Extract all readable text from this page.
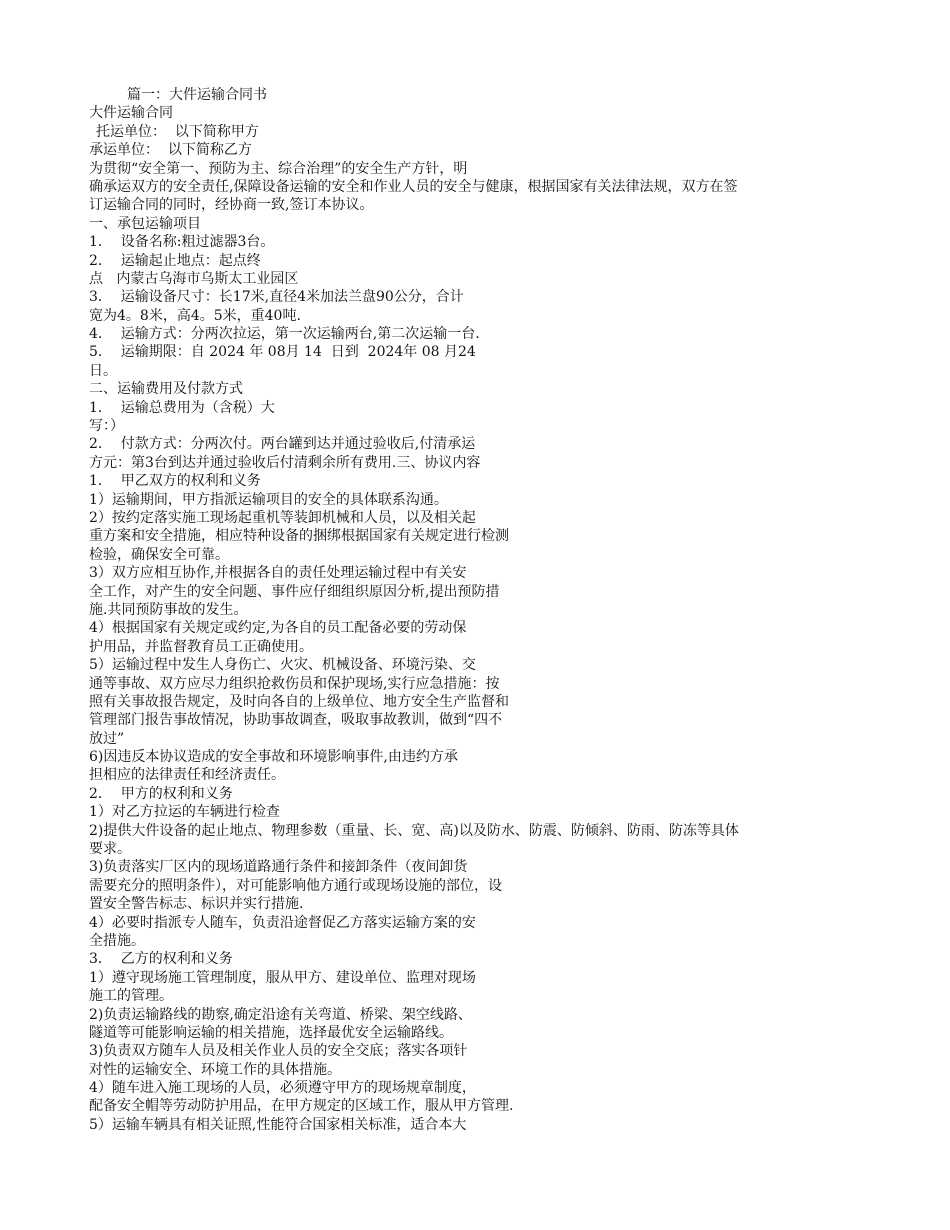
篇一：大件运输合同书
大件运输合同
托运单位：  以下简称甲方
承运单位：  以下简称乙方
为贯彻“安全第一、预防为主、综合治理”的安全生产方针，明
确承运双方的安全责任,保障设备运输的安全和作业人员的安全与健康，根据国家有关法律法规，双方在签
订运输合同的同时，经协商一致,签订本协议。
一、承包运输项目
1．  设备名称:粗过滤器3台。
2．  运输起止地点：起点终
点   内蒙古乌海市乌斯太工业园区
3．  运输设备尺寸：长17米,直径4米加法兰盘90公分，合计
宽为4。8米，高4。5米，重40吨.
4．  运输方式：分两次拉运，第一次运输两台,第二次运输一台.
5．  运输期限：自 2024 年 08月 14  日到  2024年 08 月24
日。
二、运输费用及付款方式
1．  运输总费用为（含税）大
写：）
2．  付款方式：分两次付。两台罐到达并通过验收后,付清承运
方元：第3台到达并通过验收后付清剩余所有费用.三、协议内容
1．  甲乙双方的权利和义务
1）运输期间，甲方指派运输项目的安全的具体联系沟通。
2）按约定落实施工现场起重机等装卸机械和人员，以及相关起
重方案和安全措施，相应特种设备的捆绑根据国家有关规定进行检测
检验，确保安全可靠。
3）双方应相互协作,并根据各自的责任处理运输过程中有关安
全工作，对产生的安全问题、事件应仔细组织原因分析,提出预防措
施.共同预防事故的发生。
4）根据国家有关规定或约定,为各自的员工配备必要的劳动保
护用品，并监督教育员工正确使用。
5）运输过程中发生人身伤亡、火灾、机械设备、环境污染、交
通等事故、双方应尽力组织抢救伤员和保护现场,实行应急措施：按
照有关事故报告规定，及时向各自的上级单位、地方安全生产监督和
管理部门报告事故情况，协助事故调查，吸取事故教训，做到“四不
放过”
6)因违反本协议造成的安全事故和环境影响事件,由违约方承
担相应的法律责任和经济责任。
2．  甲方的权利和义务
1）对乙方拉运的车辆进行检查
2)提供大件设备的起止地点、物理参数（重量、长、宽、高)以及防水、防震、防倾斜、防雨、防冻等具体
要求。
3)负责落实厂区内的现场道路通行条件和接卸条件（夜间卸货
需要充分的照明条件），对可能影响他方通行或现场设施的部位，设
置安全警告标志、标识并实行措施.
4）必要时指派专人随车，负责沿途督促乙方落实运输方案的安
全措施。
3．  乙方的权利和义务
1）遵守现场施工管理制度，服从甲方、建设单位、监理对现场
施工的管理。
2)负责运输路线的勘察,确定沿途有关弯道、桥梁、架空线路、
隧道等可能影响运输的相关措施，选择最优安全运输路线。
3)负责双方随车人员及相关作业人员的安全交底；落实各项针
对性的运输安全、环境工作的具体措施。
4）随车进入施工现场的人员，必须遵守甲方的现场规章制度，
配备安全帽等劳动防护用品，在甲方规定的区域工作，服从甲方管理.
5）运输车辆具有相关证照,性能符合国家相关标准，适合本大
